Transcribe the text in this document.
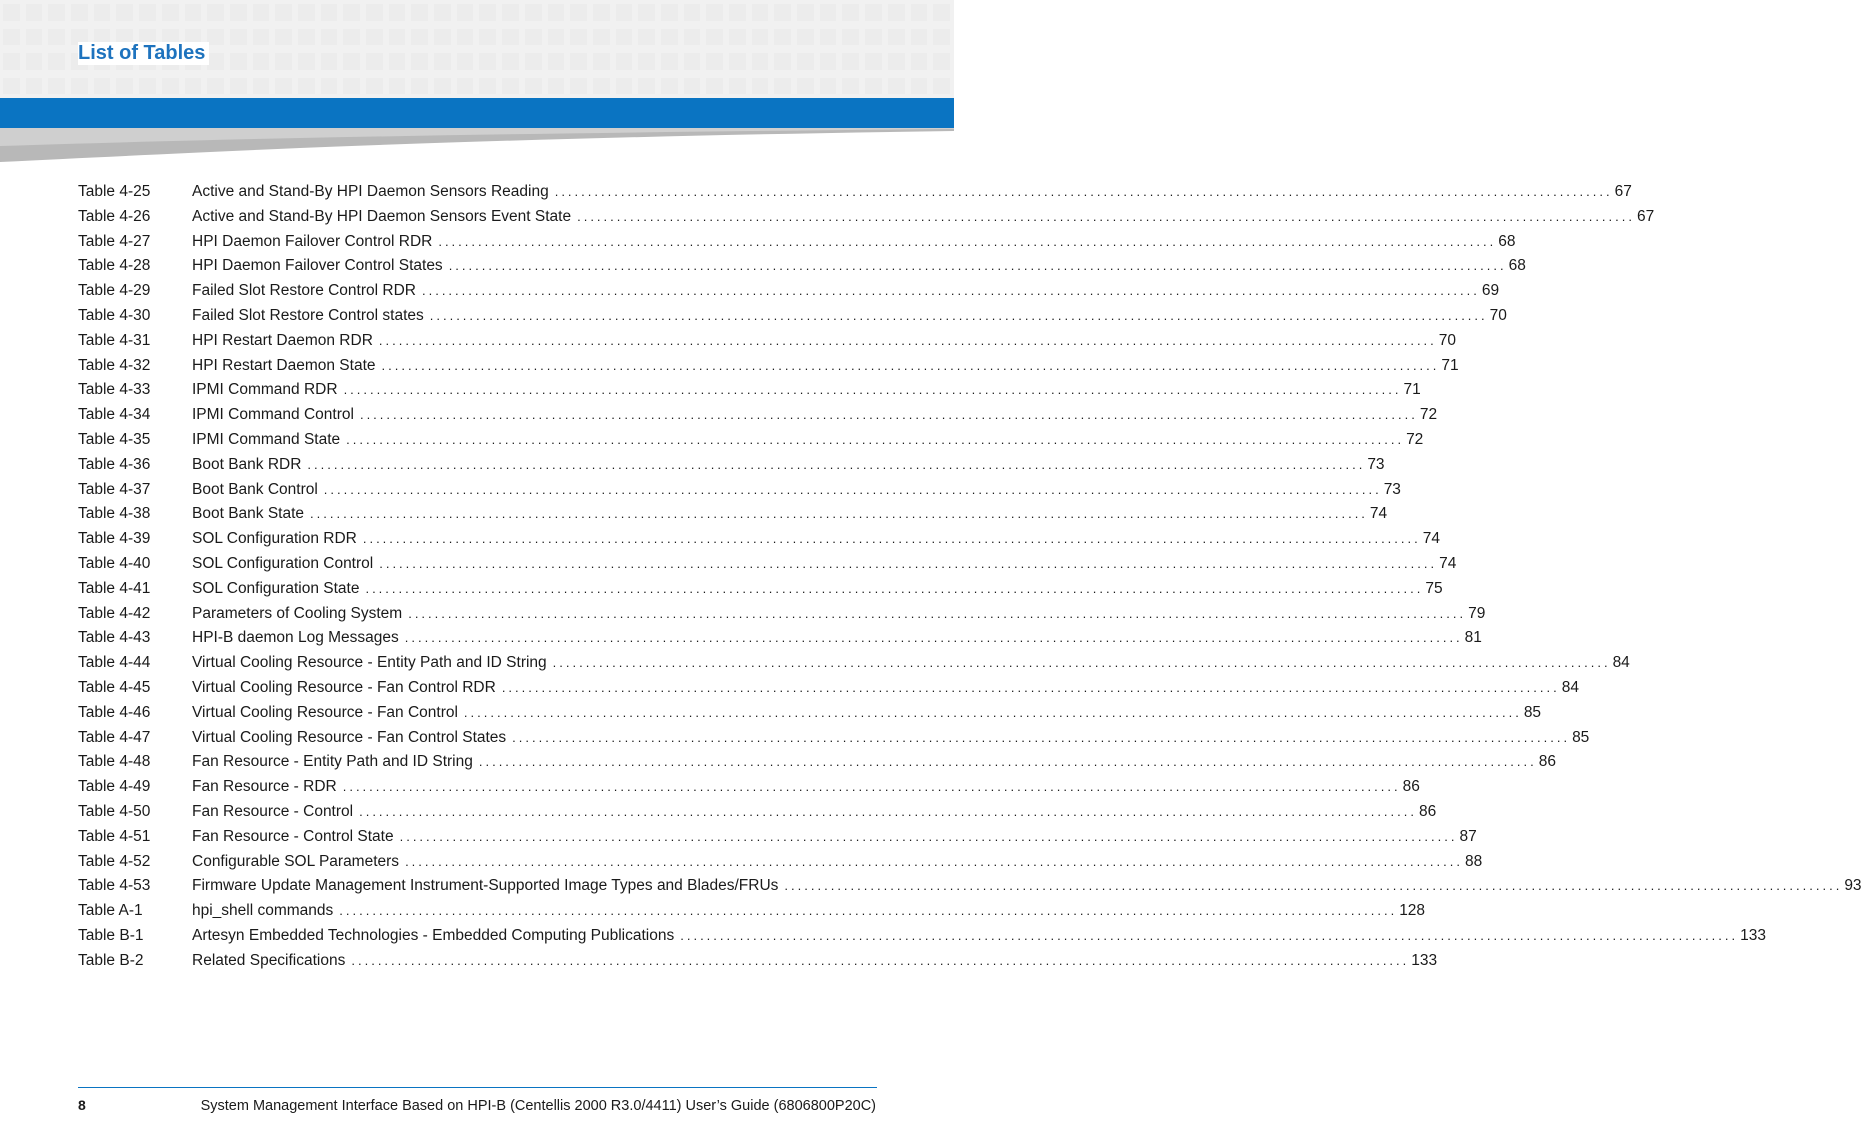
List of Tables
Table 4-25	Active and Stand-By HPI Daemon Sensors Reading ................................................................................................................................................................ 67
Table 4-26	Active and Stand-By HPI Daemon Sensors Event State ................................................................................................................................................................ 67
Table 4-27	HPI Daemon Failover Control RDR ................................................................................................................................................................ 68
Table 4-28	HPI Daemon Failover Control States ................................................................................................................................................................ 68
Table 4-29	Failed Slot Restore Control RDR ................................................................................................................................................................ 69
Table 4-30	Failed Slot Restore Control states ................................................................................................................................................................ 70
Table 4-31	HPI Restart Daemon RDR ................................................................................................................................................................ 70
Table 4-32	HPI Restart Daemon State ................................................................................................................................................................ 71
Table 4-33	IPMI Command RDR ................................................................................................................................................................ 71
Table 4-34	IPMI Command Control ................................................................................................................................................................ 72
Table 4-35	IPMI Command State ................................................................................................................................................................ 72
Table 4-36	Boot Bank RDR ................................................................................................................................................................ 73
Table 4-37	Boot Bank Control ................................................................................................................................................................ 73
Table 4-38	Boot Bank State ................................................................................................................................................................ 74
Table 4-39	SOL Configuration RDR ................................................................................................................................................................ 74
Table 4-40	SOL Configuration Control ................................................................................................................................................................ 74
Table 4-41	SOL Configuration State ................................................................................................................................................................ 75
Table 4-42	Parameters of Cooling System ................................................................................................................................................................ 79
Table 4-43	HPI-B daemon Log Messages ................................................................................................................................................................ 81
Table 4-44	Virtual Cooling Resource - Entity Path and ID String ................................................................................................................................................................ 84
Table 4-45	Virtual Cooling Resource - Fan Control RDR ................................................................................................................................................................ 84
Table 4-46	Virtual Cooling Resource - Fan Control ................................................................................................................................................................ 85
Table 4-47	Virtual Cooling Resource - Fan Control States ................................................................................................................................................................ 85
Table 4-48	Fan Resource - Entity Path and ID String ................................................................................................................................................................ 86
Table 4-49	Fan Resource - RDR ................................................................................................................................................................ 86
Table 4-50	Fan Resource - Control ................................................................................................................................................................ 86
Table 4-51	Fan Resource - Control State ................................................................................................................................................................ 87
Table 4-52	Configurable SOL Parameters ................................................................................................................................................................ 88
Table 4-53	Firmware Update Management Instrument-Supported Image Types and Blades/FRUs ................................................................................................................................................................ 93
Table A-1	hpi_shell commands ................................................................................................................................................................ 128
Table B-1	Artesyn Embedded Technologies - Embedded Computing Publications ................................................................................................................................................................ 133
Table B-2	Related Specifications ................................................................................................................................................................ 133
8	System Management Interface Based on HPI-B (Centellis 2000 R3.0/4411) User’s Guide (6806800P20C)
